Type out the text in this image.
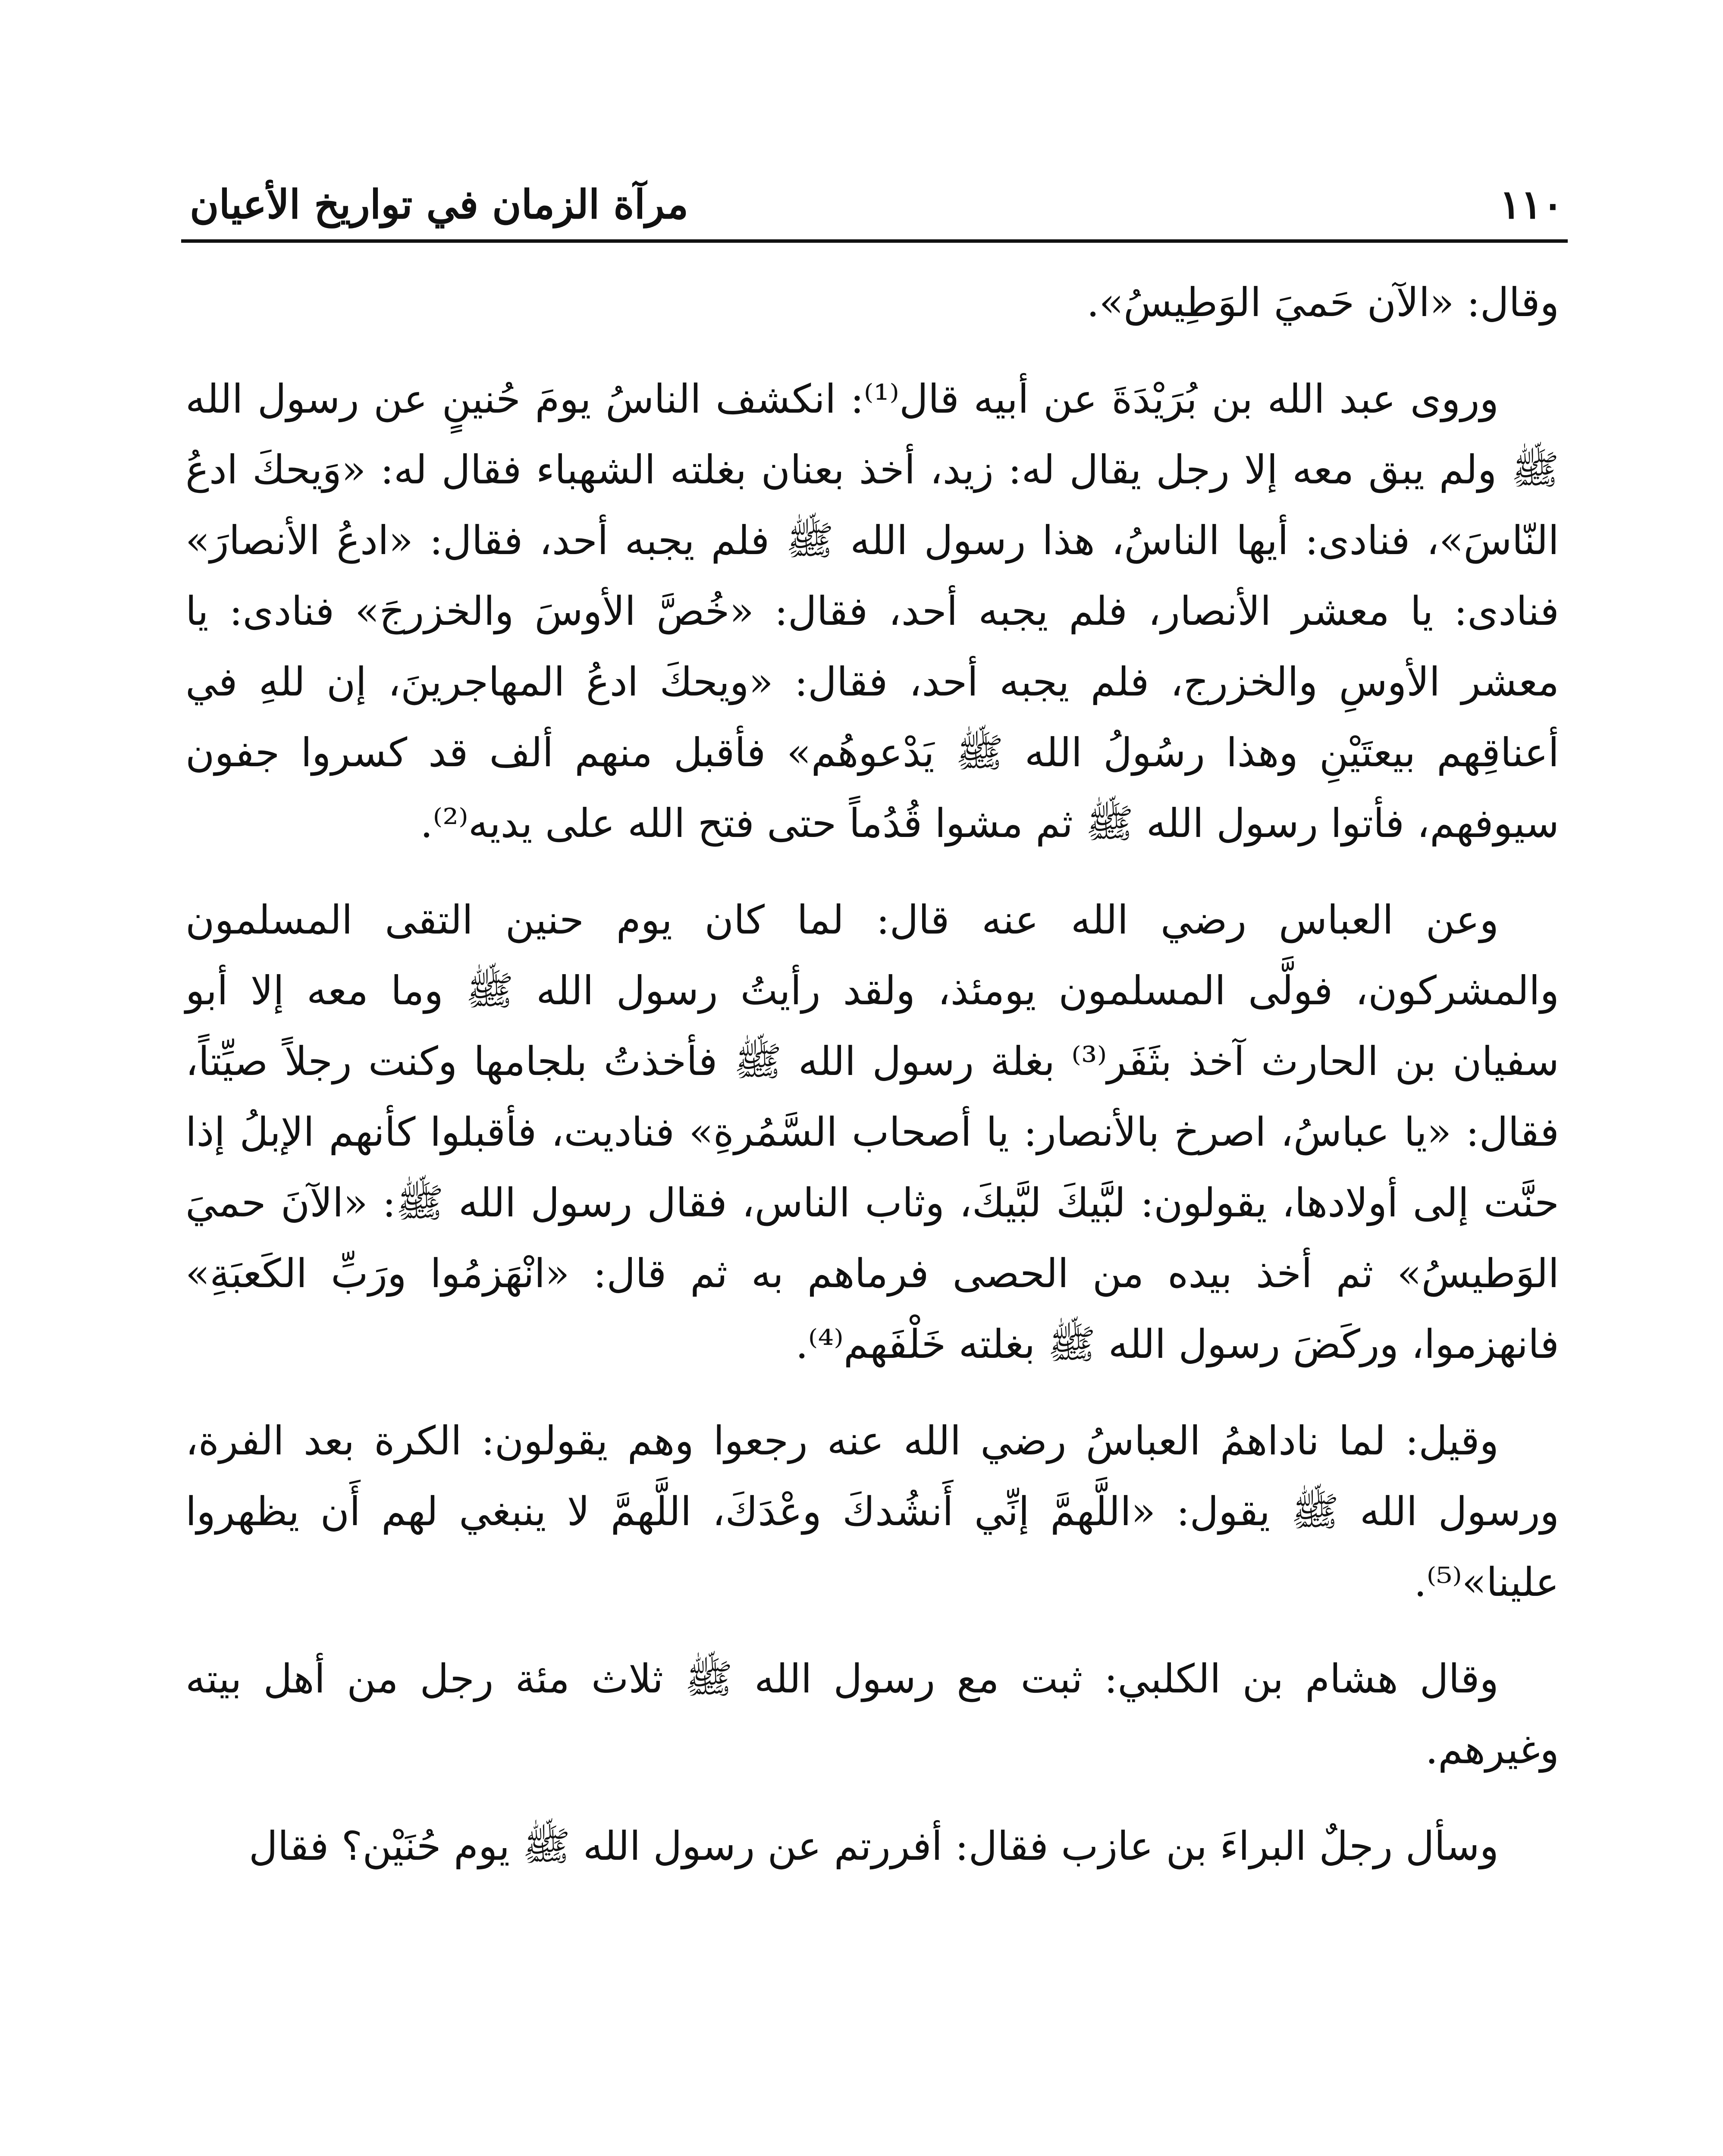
١١٠
مرآة الزمان في تواريخ الأعيان

وقال: «الآن حَميَ الوَطِيسُ».

وروى عبد الله بن بُرَيْدَةَ عن أبيه قال⁽¹⁾: انكشف الناسُ يومَ حُنينٍ عن رسول الله ﷺ ولم يبق معه إلا رجل يقال له: زيد، أخذ بعنان بغلته الشهباء فقال له: «وَيحكَ ادعُ النّاسَ»، فنادى: أيها الناسُ، هذا رسول الله ﷺ فلم يجبه أحد، فقال: «ادعُ الأنصارَ» فنادى: يا معشر الأنصار، فلم يجبه أحد، فقال: «خُصَّ الأوسَ والخزرجَ» فنادى: يا معشر الأوسِ والخزرج، فلم يجبه أحد، فقال: «ويحكَ ادعُ المهاجرينَ، إن للهِ في أعناقِهم بيعتَيْنِ وهذا رسُولُ الله ﷺ يَدْعوهُم» فأقبل منهم ألف قد كسروا جفون سيوفهم، فأتوا رسول الله ﷺ ثم مشوا قُدُماً حتى فتح الله على يديه⁽²⁾.

وعن العباس رضي الله عنه قال: لما كان يوم حنين التقى المسلمون والمشركون، فولَّى المسلمون يومئذ، ولقد رأيتُ رسول الله ﷺ وما معه إلا أبو سفيان بن الحارث آخذ بثَفَر⁽³⁾ بغلة رسول الله ﷺ فأخذتُ بلجامها وكنت رجلاً صيِّتاً، فقال: «يا عباسُ، اصرخ بالأنصار: يا أصحاب السَّمُرةِ» فناديت، فأقبلوا كأنهم الإبلُ إذا حنَّت إلى أولادها، يقولون: لبَّيكَ لبَّيكَ، وثاب الناس، فقال رسول الله ﷺ: «الآنَ حميَ الوَطيسُ» ثم أخذ بيده من الحصى فرماهم به ثم قال: «انْهَزمُوا ورَبِّ الكَعبَةِ» فانهزموا، وركَضَ رسول الله ﷺ بغلته خَلْفَهم⁽⁴⁾.

وقيل: لما ناداهمُ العباسُ رضي الله عنه رجعوا وهم يقولون: الكرة بعد الفرة، ورسول الله ﷺ يقول: «اللَّهمَّ إنِّي أَنشُدكَ وعْدَكَ، اللَّهمَّ لا ينبغي لهم أَن يظهروا علينا»⁽⁵⁾.

وقال هشام بن الكلبي: ثبت مع رسول الله ﷺ ثلاث مئة رجل من أهل بيته وغيرهم.

وسأل رجلٌ البراءَ بن عازب فقال: أفررتم عن رسول الله ﷺ يوم حُنَيْن؟ فقال
